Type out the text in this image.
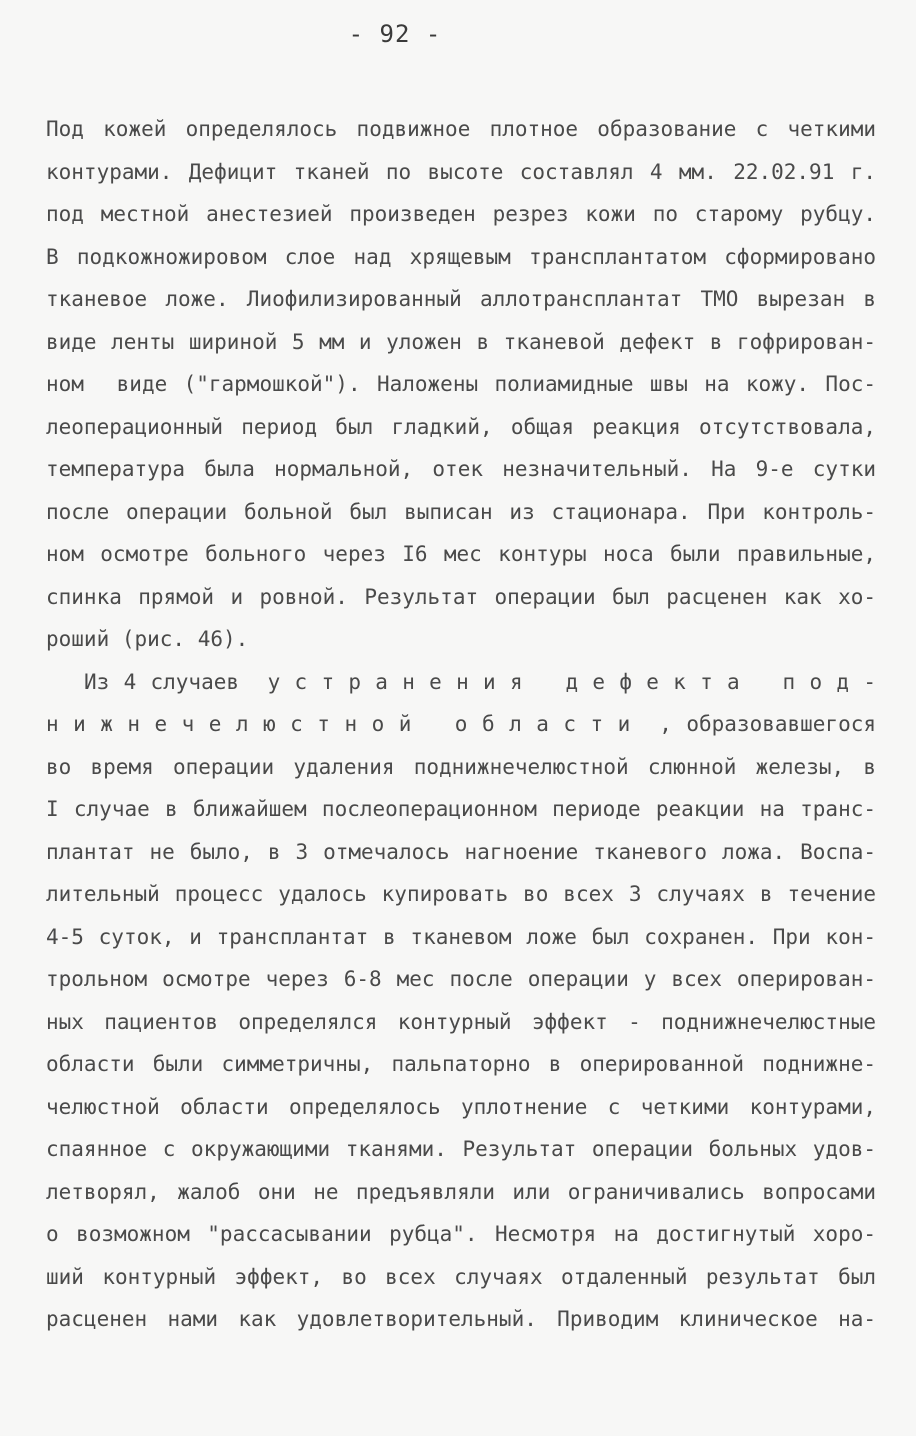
- 92 -
Под кожей определялось подвижное плотное образование с четкими
контурами. Дефицит тканей по высоте составлял 4 мм. 22.02.91 г.
под местной анестезией произведен резрез кожи по старому рубцу.
В подкожножировом слое над хрящевым трансплантатом сформировано
тканевое ложе. Лиофилизированный аллотрансплантат ТМО вырезан в
виде ленты шириной 5 мм и уложен в тканевой дефект в гофрирован-
ном  виде ("гармошкой"). Наложены полиамидные швы на кожу. Пос-
леоперационный период был гладкий, общая реакция отсутствовала,
температура была нормальной, отек незначительный. На 9-е сутки
после операции больной был выписан из стационара. При контроль-
ном осмотре больного через I6 мес контуры носа были правильные,
спинка прямой и ровной. Результат операции был расценен как хо-
роший (рис. 46).
Из 4 случаев  у с т р а н е н и я   д е ф е к т а   п о д -
н и ж н е ч е л ю с т н о й   о б л а с т и  , образовавшегося
во время операции удаления поднижнечелюстной слюнной железы, в
I случае в ближайшем послеоперационном периоде реакции на транс-
плантат не было, в 3 отмечалось нагноение тканевого ложа. Воспа-
лительный процесс удалось купировать во всех 3 случаях в течение
4-5 суток, и трансплантат в тканевом ложе был сохранен. При кон-
трольном осмотре через 6-8 мес после операции у всех оперирован-
ных пациентов определялся контурный эффект - поднижнечелюстные
области были симметричны, пальпаторно в оперированной поднижне-
челюстной области определялось уплотнение с четкими контурами,
спаянное с окружающими тканями. Результат операции больных удов-
летворял, жалоб они не предъявляли или ограничивались вопросами
о возможном "рассасывании рубца". Несмотря на достигнутый хоро-
ший контурный эффект, во всех случаях отдаленный результат был
расценен нами как удовлетворительный. Приводим клиническое на-
